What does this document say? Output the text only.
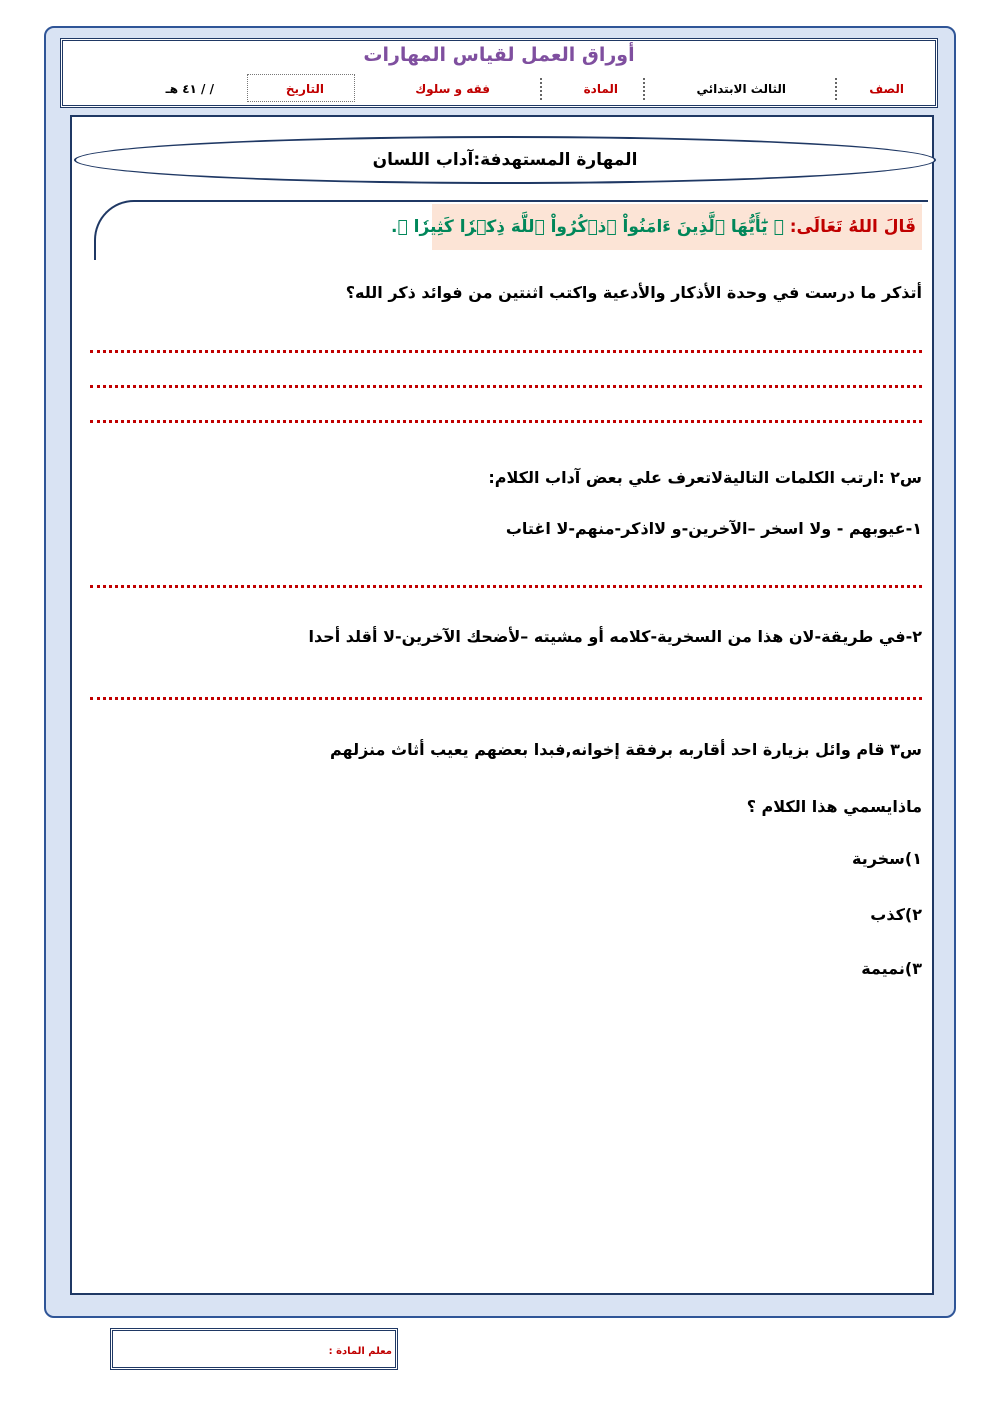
أوراق العمل لقياس المهارات
الصف
الثالث الابتدائي
المادة
فقه و سلوك
التاريخ
/ / ٤١ هـ
المهارة المستهدفة:آداب اللسان
قَالَ اللهُ تَعَالَى: ﴿ يَٰٓأَيُّهَا ٱلَّذِينَ ءَامَنُواْ ٱذۡكُرُواْ ٱللَّهَ ذِكۡرٗا كَثِيرٗا ﴾.
أتذكر ما درست في وحدة الأذكار والأدعية واكتب اثنتين من فوائد ذكر الله؟
س٢ :ارتب الكلمات التاليةلاتعرف علي بعض آداب الكلام:
١-عيوبهم - ولا اسخر –الآخرين-و لااذكر-منهم-لا اغتاب
٢-في طريقة-لان هذا من السخرية-كلامه أو مشيته –لأضحك الآخرين-لا أقلد أحدا
س٣ قام وائل بزيارة احد أقاربه برفقة إخوانه,فبدا بعضهم يعيب أثاث منزلهم
ماذايسمي هذا الكلام ؟
١)سخرية
٢)كذب
٣)نميمة
معلم المادة :
